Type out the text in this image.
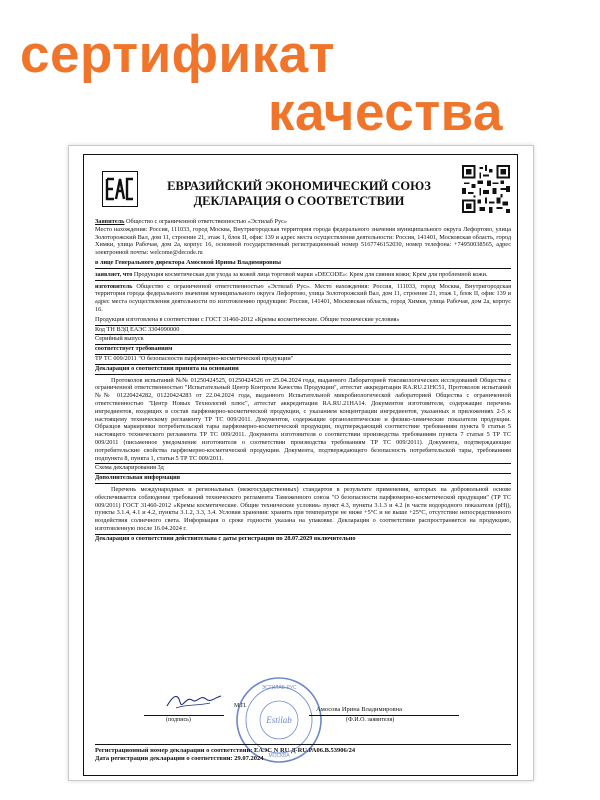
сертификат
качества
ЕВРАЗИЙСКИЙ ЭКОНОМИЧЕСКИЙ СОЮЗ
ДЕКЛАРАЦИЯ О СООТВЕТСТВИИ

Заявитель Общество с ограниченной ответственностью «Эстилаб Рус»

Место нахождения: Россия, 111033, город Москва, Внутригородская территория города федерального значения муниципального округа Лефортово, улица Золоторожский Вал, дом 11, строение 21, этаж 1, блок II, офис 139 и адрес места осуществления деятельности: Россия, 141401, Московская область, город Химки, улица Рабочая, дом 2а, корпус 16, основной государственный регистрационный номер 5167746152030, номер телефона: +74950038565, адрес электронной почты: welcome@decode.ru

в лице Генерального директора Амосовой Ирины Владимировны

заявляет, что Продукция косметическая для ухода за кожей лица торговой марки «DECODE»: Крем для сияния кожи; Крем для проблемной кожи.

изготовитель Общество с ограниченной ответственностью «Эстилаб Рус». Место нахождения: Россия, 111033, город Москва, Внутригородская территория города федерального значения муниципального округа Лефортово, улица Золоторожский Вал, дом 11, строение 21, этаж 1, блок II, офис 139 и адрес места осуществления деятельности по изготовлению продукции: Россия, 141401, Московская область, город Химки, улица Рабочая, дом 2а, корпус 16.

Продукция изготовлена в соответствии с ГОСТ 31460-2012 «Кремы косметические. Общие технические условия»

Код ТН ВЭД ЕАЭС 3304990000

Серийный выпуск

соответствует требованиям

ТР ТС 009/2011 "О безопасности парфюмерно-косметической продукции"

Декларация о соответствии принята на основании

Протоколов испытаний №№ 01250424525, 01250424526 от 25.04.2024 года, выданного Лабораторией токсикологических исследований Общества с ограниченной ответственностью "Испытательный Центр Контроля Качества Продукции", аттестат аккредитации RA.RU.21HC51, Протоколов испытаний №№ 01220424282, 01220424283 от 22.04.2024 года, выданного Испытательной микробиологической лабораторией Общества с ограниченной ответственностью "Центр Новых Технологий плюс", аттестат аккредитации RA.RU.21HA14. Документов изготовителя, содержащие перечень ингредиентов, входящих в состав парфюмерно-косметической продукции, с указанием концентрации ингредиентов, указанных в приложениях 2-5 к настоящему техническому регламенту ТР ТС 009/2011. Документов, содержащие органолептические и физико-химические показатели продукции. Образцов маркировки потребительской тары парфюмерно-косметической продукции, подтверждающий соответствие требованиям пункта 9 статьи 5 настоящего технического регламента ТР ТС 009/2011. Документа изготовителя о соответствии производства требованиям пункта 7 статьи 5 ТР ТС 009/2011 (письменное уведомление изготовителя о соответствии производства требованиям ТР ТС 009/2011). Документа, подтверждающие потребительские свойства парфюмерно-косметической продукции. Документа, подтверждающего безопасность потребительской тары, требованиям подпункта 8, пункта 1, статьи 5 ТР ТС 009/2011.

Схема декларирования 3д

Дополнительная информация

Перечень международных и региональных (межгосударственных) стандартов в результате применения, которых на добровольной основе обеспечивается соблюдение требований технического регламента Таможенного союза "О безопасности парфюмерно-косметической продукции" (ТР ТС 009/2011) ГОСТ 31460-2012 «Кремы косметические. Общие технические условия» пункт 4.3, пункты 3.1.3 и 4.2 (в части водородного показателя (pH)), пункты 3.1.4, 4.1 и 4.2, пункты 3.1.2, 3.3, 3.4. Условия хранения: хранить при температуре не ниже +5°С и не выше +25°С, отсутствие непосредственного воздействия солнечного света. Информация о сроке годности указана на упаковке. Декларация о соответствии распространяется на продукцию, изготовленную после 16.04.2024 г.

Декларация о соответствии действительна с даты регистрации по 28.07.2029 включительно

Estilab
ЭСТИЛАБ РУС
МОСКВА
(подпись)
М.П.	Амосова Ирина Владимировна
(Ф.И.О. заявителя)
Регистрационный номер декларации о соответствии: ЕАЭС N RU Д-RU.РА06.В.53906/24
Дата регистрации декларации о соответствии: 29.07.2024
